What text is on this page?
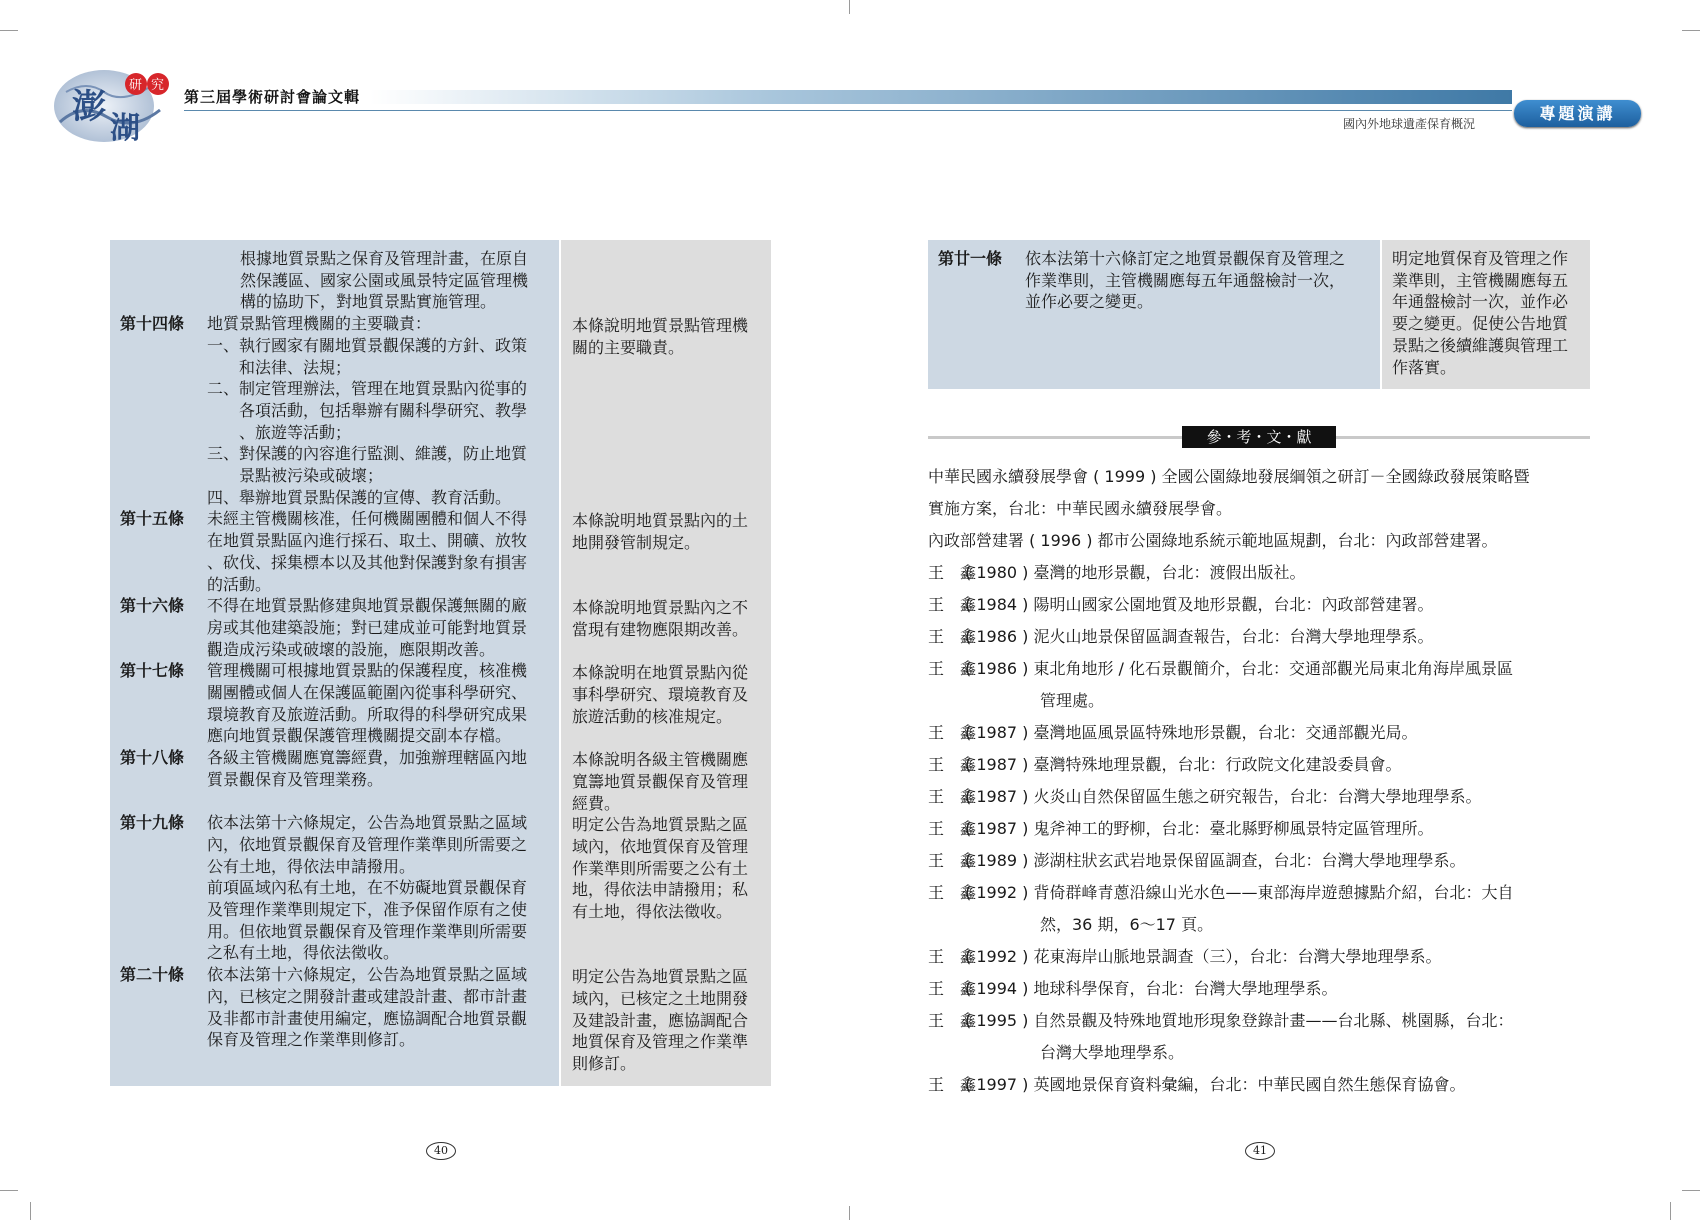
澎
湖
研 究
第三屆學術研討會論文輯
國內外地球遺產保育概況
專題演講
根據地質景點之保育及管理計畫，在原自
然保護區、國家公園或風景特定區管理機
構的協助下，對地質景點實施管理。
第十四條 地質景點管理機關的主要職責：
一、執行國家有關地質景觀保護的方針、政策
　　和法律、法規；
二、制定管理辦法，管理在地質景點內從事的
　　各項活動，包括舉辦有關科學研究、教學
　　、旅遊等活動；
三、對保護的內容進行監測、維護，防止地質
　　景點被污染或破壞；
四、舉辦地質景點保護的宣傳、教育活動。
本條說明地質景點管理機
關的主要職責。
第十五條 未經主管機關核准，任何機關團體和個人不得
在地質景點區內進行採石、取土、開礦、放牧
、砍伐、採集標本以及其他對保護對象有損害
的活動。
本條說明地質景點內的土
地開發管制規定。
第十六條 不得在地質景點修建與地質景觀保護無關的廠
房或其他建築設施；對已建成並可能對地質景
觀造成污染或破壞的設施，應限期改善。
本條說明地質景點內之不
當現有建物應限期改善。
第十七條 管理機關可根據地質景點的保護程度，核准機
關團體或個人在保護區範圍內從事科學研究、
環境教育及旅遊活動。所取得的科學研究成果
應向地質景觀保護管理機關提交副本存檔。
本條說明在地質景點內從
事科學研究、環境教育及
旅遊活動的核准規定。
第十八條 各級主管機關應寬籌經費，加強辦理轄區內地
質景觀保育及管理業務。
本條說明各級主管機關應
寬籌地質景觀保育及管理
經費。
第十九條 依本法第十六條規定，公告為地質景點之區域
內，依地質景觀保育及管理作業準則所需要之
公有土地，得依法申請撥用。
前項區域內私有土地，在不妨礙地質景觀保育
及管理作業準則規定下，准予保留作原有之使
用。但依地質景觀保育及管理作業準則所需要
之私有土地，得依法徵收。
明定公告為地質景點之區
域內，依地質保育及管理
作業準則所需要之公有土
地，得依法申請撥用；私
有土地，得依法徵收。
第二十條 依本法第十六條規定，公告為地質景點之區域
內，已核定之開發計畫或建設計畫、都市計畫
及非都市計畫使用編定，應協調配合地質景觀
保育及管理之作業準則修訂。
明定公告為地質景點之區
域內，已核定之土地開發
及建設計畫，應協調配合
地質保育及管理之作業準
則修訂。
第廿一條 依本法第十六條訂定之地質景觀保育及管理之
作業準則，主管機關應每五年通盤檢討一次，
並作必要之變更。
明定地質保育及管理之作
業準則，主管機關應每五
年通盤檢討一次，並作必
要之變更。促使公告地質
景點之後續維護與管理工
作落實。
參・考・文・獻
中華民國永續發展學會 ( 1999 ) 全國公園綠地發展綱領之研訂－全國綠政發展策略暨
實施方案，台北：中華民國永續發展學會。
內政部營建署 ( 1996 ) 都市公園綠地系統示範地區規劃，台北：內政部營建署。
王　鑫( 1980 ) 臺灣的地形景觀，台北：渡假出版社。
王　鑫( 1984 ) 陽明山國家公園地質及地形景觀，台北：內政部營建署。
王　鑫( 1986 ) 泥火山地景保留區調查報告，台北：台灣大學地理學系。
王　鑫( 1986 ) 東北角地形 / 化石景觀簡介，台北：交通部觀光局東北角海岸風景區
管理處。
王　鑫( 1987 ) 臺灣地區風景區特殊地形景觀，台北：交通部觀光局。
王　鑫( 1987 ) 臺灣特殊地理景觀，台北：行政院文化建設委員會。
王　鑫( 1987 ) 火炎山自然保留區生態之研究報告，台北：台灣大學地理學系。
王　鑫( 1987 ) 鬼斧神工的野柳，台北：臺北縣野柳風景特定區管理所。
王　鑫( 1989 ) 澎湖柱狀玄武岩地景保留區調查，台北：台灣大學地理學系。
王　鑫( 1992 ) 背倚群峰青蔥沿線山光水色——東部海岸遊憩據點介紹，台北：大自
然，36 期，6～17 頁。
王　鑫( 1992 ) 花東海岸山脈地景調查（三），台北：台灣大學地理學系。
王　鑫( 1994 ) 地球科學保育，台北：台灣大學地理學系。
王　鑫( 1995 ) 自然景觀及特殊地質地形現象登錄計畫——台北縣、桃園縣，台北：
台灣大學地理學系。
王　鑫( 1997 ) 英國地景保育資料彙編，台北：中華民國自然生態保育協會。
40	41
